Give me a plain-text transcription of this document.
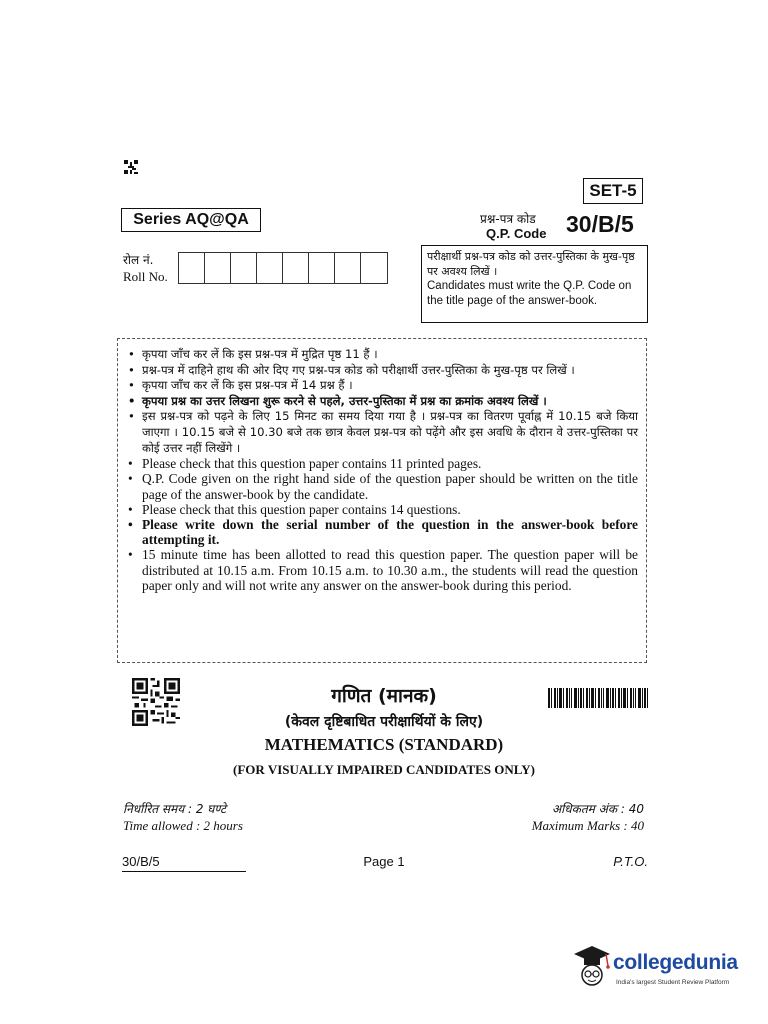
SET-5
Series AQ@QA	प्रश्न-पत्र कोड
Q.P. Code 30/B/5
रोल नं.
Roll No.
परीक्षार्थी प्रश्न-पत्र कोड को उत्तर-पुस्तिका के मुख-पृष्ठ पर अवश्य लिखें ।
Candidates must write the Q.P. Code on the title page of the answer-book.
• कृपया जाँच कर लें कि इस प्रश्न-पत्र में मुद्रित पृष्ठ 11 हैं ।
• प्रश्न-पत्र में दाहिने हाथ की ओर दिए गए प्रश्न-पत्र कोड को परीक्षार्थी उत्तर-पुस्तिका के मुख-पृष्ठ पर लिखें ।
• कृपया जाँच कर लें कि इस प्रश्न-पत्र में 14 प्रश्न हैं ।
• कृपया प्रश्न का उत्तर लिखना शुरू करने से पहले, उत्तर-पुस्तिका में प्रश्न का क्रमांक अवश्य लिखें ।
• इस प्रश्न-पत्र को पढ़ने के लिए 15 मिनट का समय दिया गया है । प्रश्न-पत्र का वितरण पूर्वाह्न में 10.15 बजे किया जाएगा । 10.15 बजे से 10.30 बजे तक छात्र केवल प्रश्न-पत्र को पढ़ेंगे और इस अवधि के दौरान वे उत्तर-पुस्तिका पर कोई उत्तर नहीं लिखेंगे ।
• Please check that this question paper contains 11 printed pages.
• Q.P. Code given on the right hand side of the question paper should be written on the title page of the answer-book by the candidate.
• Please check that this question paper contains 14 questions.
• Please write down the serial number of the question in the answer-book before attempting it.
• 15 minute time has been allotted to read this question paper. The question paper will be distributed at 10.15 a.m. From 10.15 a.m. to 10.30 a.m., the students will read the question paper only and will not write any answer on the answer-book during this period.
गणित (मानक)
(केवल दृष्टिबाधित परीक्षार्थियों के लिए)
MATHEMATICS (STANDARD)
(FOR VISUALLY IMPAIRED CANDIDATES ONLY)
निर्धारित समय : 2 घण्टे
Time allowed : 2 hours
अधिकतम अंक : 40
Maximum Marks : 40
30/B/5	Page 1	P.T.O.
collegedunia
India's largest Student Review Platform
